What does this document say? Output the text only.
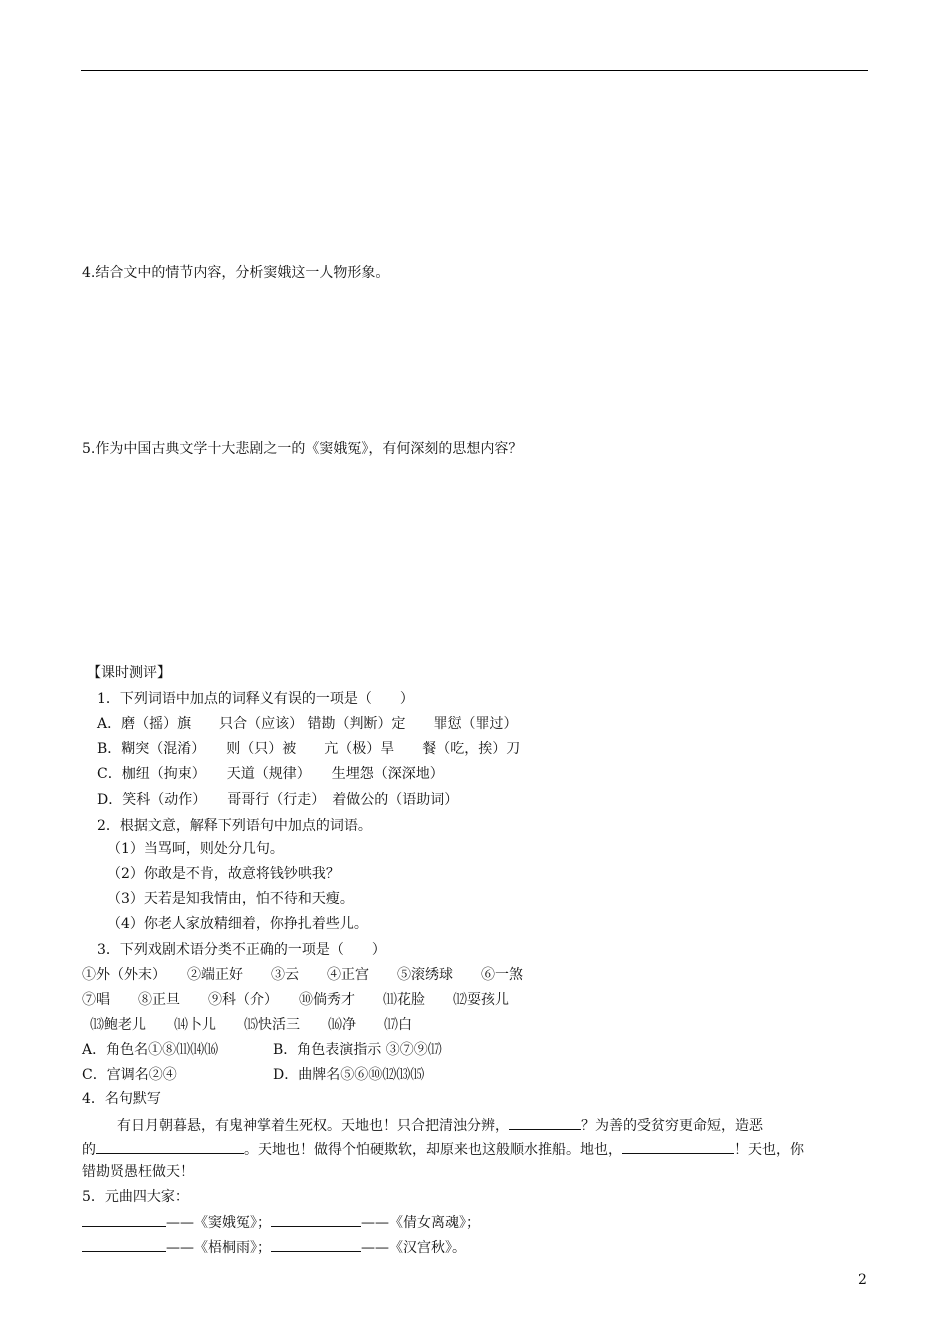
4.结合文中的情节内容，分析窦娥这一人物形象。
5.作为中国古典文学十大悲剧之一的《窦娥冤》，有何深刻的思想内容？
【课时测评】
1．下列词语中加点的词释义有误的一项是（　　）
A．磨（摇）旗　　只合（应该） 错勘（判断）定　　罪愆（罪过）
B．糊突（混淆）　　则（只）被　　亢（极）旱　　餐（吃，挨）刀
C．枷纽（拘束）　　天道（规律）　　生埋怨（深深地）
D．笑科（动作）　　哥哥行（行走）　着做公的（语助词）
2．根据文意，解释下列语句中加点的词语。
（1）当骂呵，则处分几句。
（2）你敢是不肯，故意将钱钞哄我？
（3）天若是知我情由，怕不待和天瘦。
（4）你老人家放精细着，你挣扎着些儿。
3．下列戏剧术语分类不正确的一项是（　　）
①外（外末）　　②端正好　　③云　　④正宫　　⑤滚绣球　　⑥一煞
⑦唱　　⑧正旦　　⑨科（介）　　⑩倘秀才　　⑾花脸　　⑿耍孩儿
⒀鲍老儿　　⒁卜儿　　⒂快活三　　⒃净　　⒄白
A．角色名①⑧⑾⒁⒃	B．角色表演指示 ③⑦⑨⒄
C．宫调名②④	D．曲牌名⑤⑥⑩⑿⒀⒂
4．名句默写
有日月朝暮悬，有鬼神掌着生死权。天地也！只合把清浊分辨，	？为善的受贫穷更命短，造恶
的	。天地也！做得个怕硬欺软，却原来也这般顺水推船。地也，	！天也，你
错勘贤愚枉做天！
5．元曲四大家：
——《窦娥冤》；	——《倩女离魂》；
——《梧桐雨》；	——《汉宫秋》。
2
